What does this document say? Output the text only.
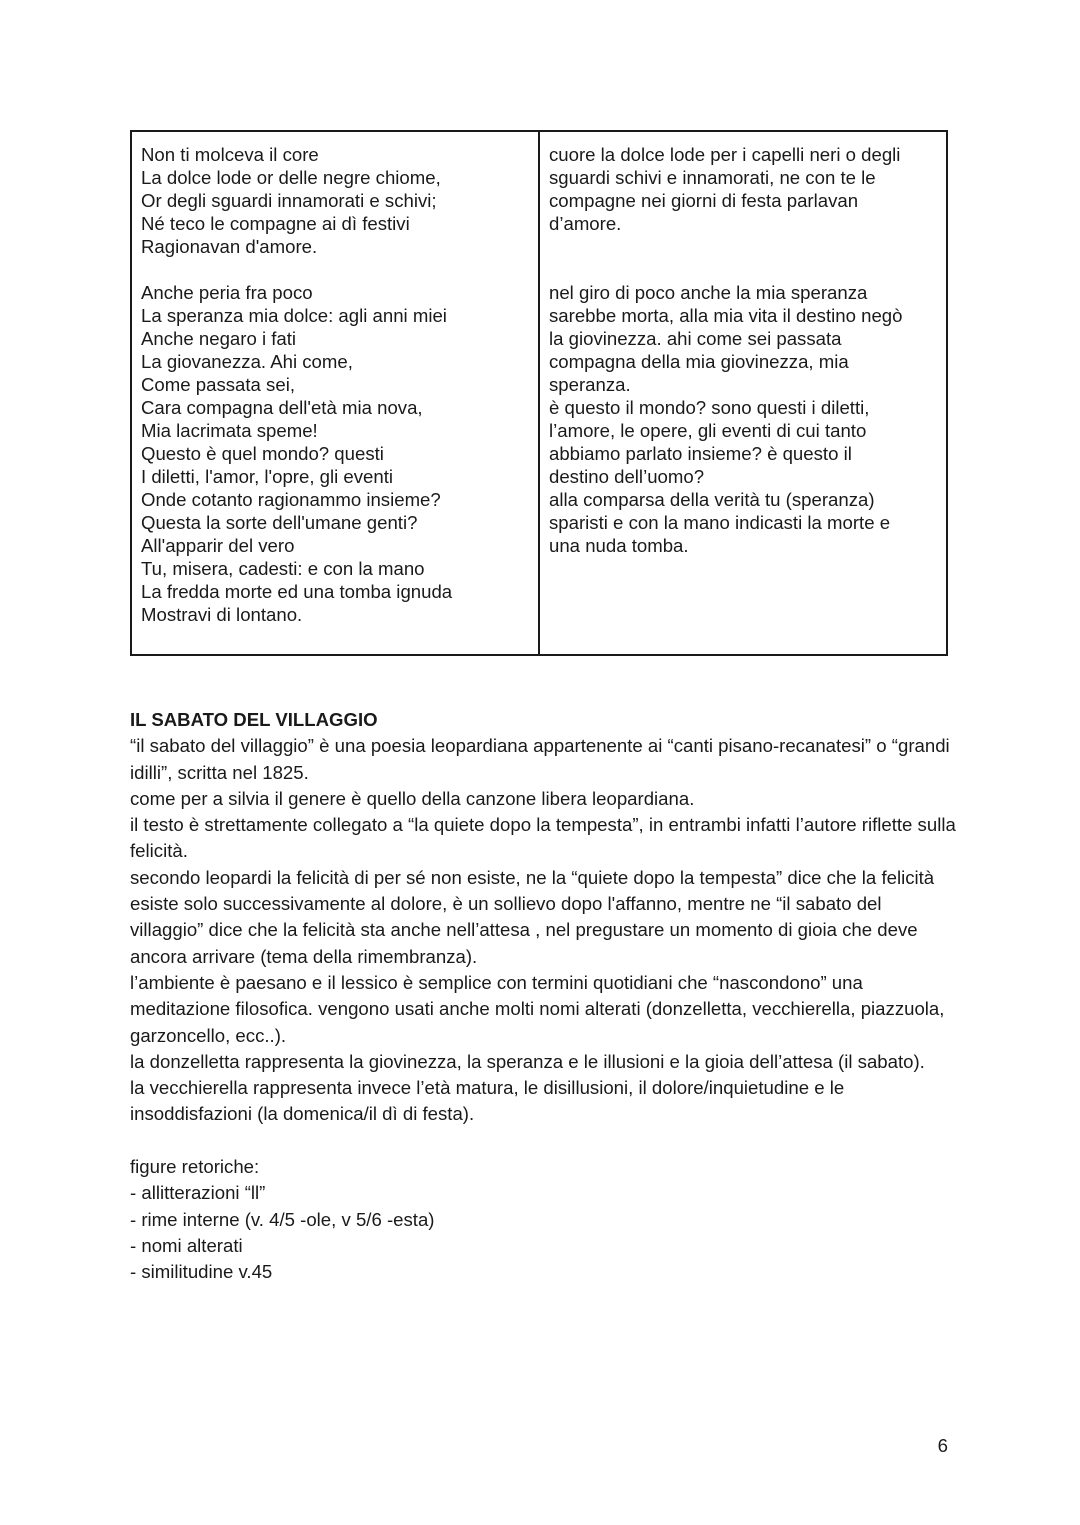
Non ti molceva il core
La dolce lode or delle negre chiome,
Or degli sguardi innamorati e schivi;
Né teco le compagne ai dì festivi
Ragionavan d'amore.

Anche peria fra poco
La speranza mia dolce: agli anni miei
Anche negaro i fati
La giovanezza. Ahi come,
Come passata sei,
Cara compagna dell'età mia nova,
Mia lacrimata speme!
Questo è quel mondo? questi
I diletti, l'amor, l'opre, gli eventi
Onde cotanto ragionammo insieme?
Questa la sorte dell'umane genti?
All'apparir del vero
Tu, misera, cadesti: e con la mano
La fredda morte ed una tomba ignuda
Mostravi di lontano.

cuore la dolce lode per i capelli neri o degli
sguardi schivi e innamorati, ne con te le
compagne nei giorni di festa parlavan
d’amore.

nel giro di poco anche la mia speranza
sarebbe morta, alla mia vita il destino negò
la giovinezza. ahi come sei passata
compagna della mia giovinezza, mia
speranza.
è questo il mondo? sono questi i diletti,
l’amore, le opere, gli eventi di cui tanto
abbiamo parlato insieme? è questo il
destino dell’uomo?
alla comparsa della verità tu (speranza)
sparisti e con la mano indicasti la morte e
una nuda tomba.

IL SABATO DEL VILLAGGIO

“il sabato del villaggio” è una poesia leopardiana appartenente ai “canti pisano-recanatesi” o “grandi idilli”, scritta nel 1825.

come per a silvia il genere è quello della canzone libera leopardiana.

il testo è strettamente collegato a “la quiete dopo la tempesta”, in entrambi infatti l’autore riflette sulla felicità.

secondo leopardi la felicità di per sé non esiste, ne la “quiete dopo la tempesta” dice che la felicità esiste solo successivamente al dolore, è un sollievo dopo l'affanno, mentre ne “il sabato del villaggio” dice che la felicità sta anche nell’attesa , nel pregustare un momento di gioia che deve ancora arrivare (tema della rimembranza).

l’ambiente è paesano e il lessico è semplice con termini quotidiani che “nascondono” una meditazione filosofica. vengono usati anche molti nomi alterati (donzelletta, vecchierella, piazzuola, garzoncello, ecc..).

la donzelletta rappresenta la giovinezza, la speranza e le illusioni e la gioia dell’attesa (il sabato).

la vecchierella rappresenta invece l’età matura, le disillusioni, il dolore/inquietudine e le insoddisfazioni (la domenica/il dì di festa).

figure retoriche:

- allitterazioni “ll”
- rime interne (v. 4/5 -ole, v 5/6 -esta)
- nomi alterati
- similitudine v.45
6
